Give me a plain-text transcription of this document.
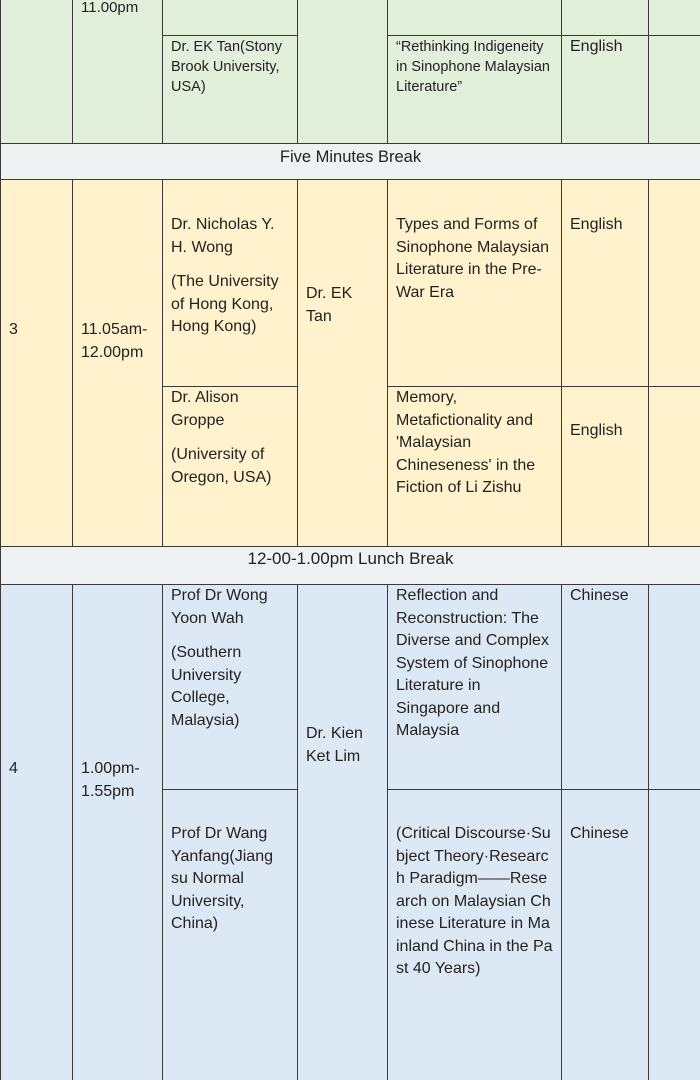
11.00pm
Dr. EK Tan(Stony Brook University, USA)
“Rethinking Indigeneity in Sinophone Malaysian Literature”
English
Five Minutes Break
3	11.05am-12.00pm
Dr. Nicholas Y. H. Wong
(The University of Hong Kong, Hong Kong)
Dr. Alison Groppe
(University of Oregon, USA)
Dr. EK Tan
Types and Forms of Sinophone Malaysian Literature in the Pre-War Era
Memory, Metafictionality and 'Malaysian Chineseness' in the Fiction of Li Zishu
English
English
12-00-1.00pm Lunch Break
4	1.00pm-1.55pm
Prof Dr Wong Yoon Wah
(Southern University College, Malaysia)
Prof Dr Wang Yanfang(Jiang su Normal University, China)
Dr. Kien Ket Lim
Reflection and Reconstruction: The Diverse and Complex System of Sinophone Literature in Singapore and Malaysia
(Critical Discourse·Subject Theory·Research Paradigm——Research on Malaysian Chinese Literature in Mainland China in the Past 40 Years)
Chinese
Chinese
